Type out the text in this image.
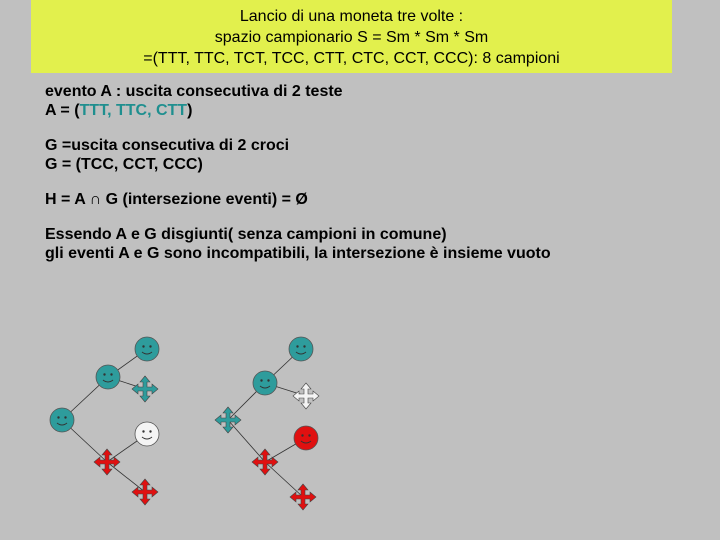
Lancio di una moneta tre volte :
spazio campionario S = Sm * Sm * Sm
=(TTT, TTC, TCT, TCC, CTT, CTC, CCT, CCC): 8 campioni

evento A : uscita consecutiva di 2 teste

A = (TTT, TTC, CTT)

G =uscita consecutiva di 2 croci

G = (TCC, CCT, CCC)

H = A ∩ G (intersezione eventi) = Ø

Essendo A e G disgiunti( senza campioni in comune)

gli eventi A e G sono incompatibili, la intersezione è insieme vuoto
